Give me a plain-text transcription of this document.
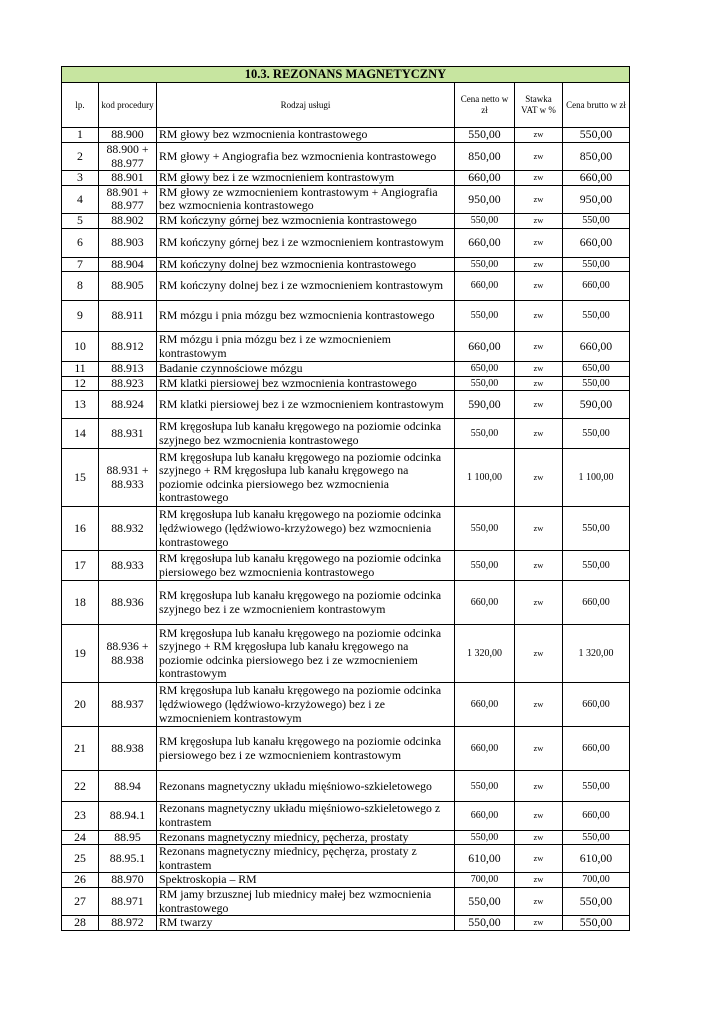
10.3. REZONANS MAGNETYCZNY					
lp.	kod procedury	Rodzaj usługi	Cena netto w zł	Stawka VAT w %	Cena brutto w zł
1	88.900	RM głowy bez wzmocnienia kontrastowego	550,00	zw	550,00
2	88.900 + 88.977	RM głowy + Angiografia bez wzmocnienia kontrastowego	850,00	zw	850,00
3	88.901	RM głowy bez i ze wzmocnieniem kontrastowym	660,00	zw	660,00
4	88.901 + 88.977	RM głowy ze wzmocnieniem kontrastowym + Angiografia bez wzmocnienia kontrastowego	950,00	zw	950,00
5	88.902	RM kończyny górnej bez wzmocnienia kontrastowego	550,00	zw	550,00
6	88.903	RM kończyny górnej bez i ze wzmocnieniem kontrastowym	660,00	zw	660,00
7	88.904	RM kończyny dolnej bez wzmocnienia kontrastowego	550,00	zw	550,00
8	88.905	RM kończyny dolnej bez i ze wzmocnieniem kontrastowym	660,00	zw	660,00
9	88.911	RM mózgu i pnia mózgu bez wzmocnienia kontrastowego	550,00	zw	550,00
10	88.912	RM mózgu i pnia mózgu bez i ze wzmocnieniem kontrastowym	660,00	zw	660,00
11	88.913	Badanie czynnościowe mózgu	650,00	zw	650,00
12	88.923	RM klatki piersiowej bez wzmocnienia kontrastowego	550,00	zw	550,00
13	88.924	RM klatki piersiowej bez i ze wzmocnieniem kontrastowym	590,00	zw	590,00
14	88.931	RM kręgosłupa lub kanału kręgowego na poziomie odcinka szyjnego bez wzmocnienia kontrastowego	550,00	zw	550,00
15	88.931 + 88.933	RM kręgosłupa lub kanału kręgowego na poziomie odcinka szyjnego + RM kręgosłupa lub kanału kręgowego na poziomie odcinka piersiowego bez wzmocnienia kontrastowego	1 100,00	zw	1 100,00
16	88.932	RM kręgosłupa lub kanału kręgowego na poziomie odcinka lędźwiowego (lędźwiowo-krzyżowego) bez wzmocnienia kontrastowego	550,00	zw	550,00
17	88.933	RM kręgosłupa lub kanału kręgowego na poziomie odcinka piersiowego bez wzmocnienia kontrastowego	550,00	zw	550,00
18	88.936	RM kręgosłupa lub kanału kręgowego na poziomie odcinka szyjnego bez i ze wzmocnieniem kontrastowym	660,00	zw	660,00
19	88.936 + 88.938	RM kręgosłupa lub kanału kręgowego na poziomie odcinka szyjnego + RM kręgosłupa lub kanału kręgowego na poziomie odcinka piersiowego bez i ze wzmocnieniem kontrastowym	1 320,00	zw	1 320,00
20	88.937	RM kręgosłupa lub kanału kręgowego na poziomie odcinka lędźwiowego (lędźwiowo-krzyżowego) bez i ze wzmocnieniem kontrastowym	660,00	zw	660,00
21	88.938	RM kręgosłupa lub kanału kręgowego na poziomie odcinka piersiowego bez i ze wzmocnieniem kontrastowym	660,00	zw	660,00
22	88.94	Rezonans magnetyczny układu mięśniowo-szkieletowego	550,00	zw	550,00
23	88.94.1	Rezonans magnetyczny układu mięśniowo-szkieletowego z kontrastem	660,00	zw	660,00
24	88.95	Rezonans magnetyczny miednicy, pęcherza, prostaty	550,00	zw	550,00
25	88.95.1	Rezonans magnetyczny miednicy, pęchęrza, prostaty z kontrastem	610,00	zw	610,00
26	88.970	Spektroskopia – RM	700,00	zw	700,00
27	88.971	RM jamy brzusznej lub miednicy małej bez wzmocnienia kontrastowego	550,00	zw	550,00
28	88.972	RM twarzy	550,00	zw	550,00
